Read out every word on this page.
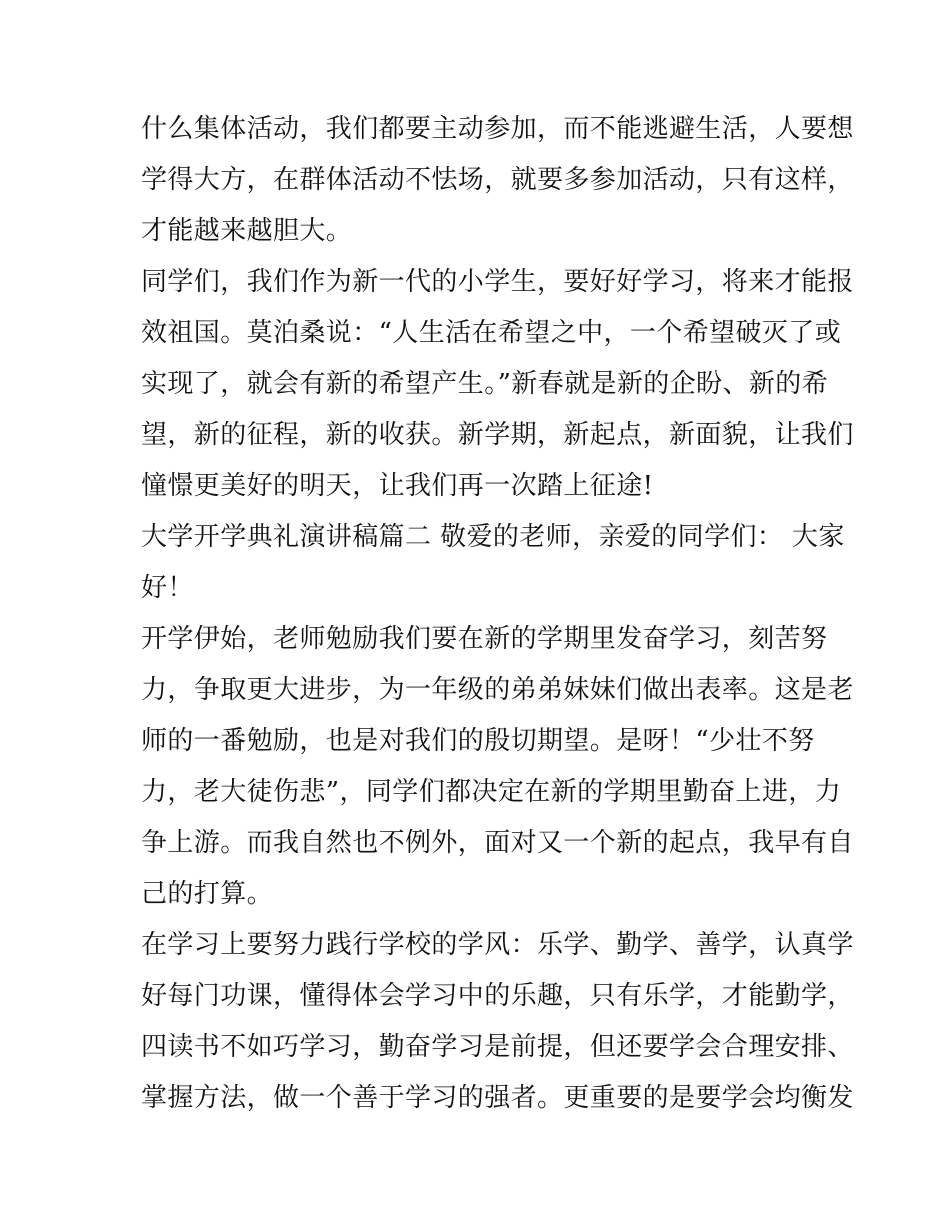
什么集体活动，我们都要主动参加，而不能逃避生活，人要想
学得大方，在群体活动不怯场，就要多参加活动，只有这样，
才能越来越胆大。
同学们，我们作为新一代的小学生，要好好学习，将来才能报
效祖国。莫泊桑说：“人生活在希望之中，一个希望破灭了或
实现了，就会有新的希望产生。”新春就是新的企盼、新的希
望，新的征程，新的收获。新学期，新起点，新面貌，让我们
憧憬更美好的明天，让我们再一次踏上征途!
大学开学典礼演讲稿篇二 敬爱的老师，亲爱的同学们： 大家
好！
开学伊始，老师勉励我们要在新的学期里发奋学习，刻苦努
力，争取更大进步，为一年级的弟弟妹妹们做出表率。这是老
师的一番勉励，也是对我们的殷切期望。是呀！“少壮不努
力，老大徒伤悲”，同学们都决定在新的学期里勤奋上进，力
争上游。而我自然也不例外，面对又一个新的起点，我早有自
己的打算。
在学习上要努力践行学校的学风：乐学、勤学、善学，认真学
好每门功课，懂得体会学习中的乐趣，只有乐学，才能勤学，
四读书不如巧学习，勤奋学习是前提，但还要学会合理安排、
掌握方法，做一个善于学习的强者。更重要的是要学会均衡发
